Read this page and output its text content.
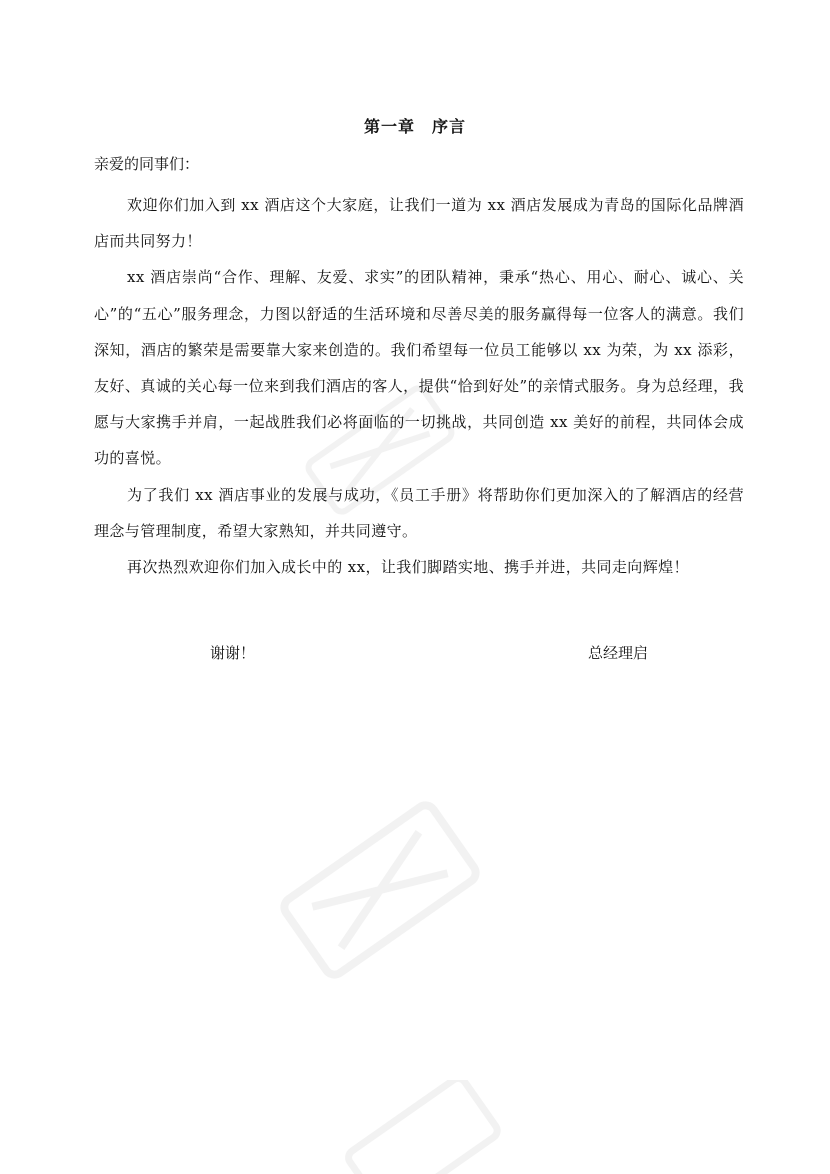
第一章　序言
亲爱的同事们：

欢迎你们加入到 xx 酒店这个大家庭，让我们一道为 xx 酒店发展成为青岛的国际化品牌酒店而共同努力！

xx 酒店崇尚“合作、理解、友爱、求实”的团队精神，秉承“热心、用心、耐心、诚心、关心”的“五心”服务理念，力图以舒适的生活环境和尽善尽美的服务赢得每一位客人的满意。我们深知，酒店的繁荣是需要靠大家来创造的。我们希望每一位员工能够以 xx 为荣，为 xx 添彩，友好、真诚的关心每一位来到我们酒店的客人，提供“恰到好处”的亲情式服务。身为总经理，我愿与大家携手并肩，一起战胜我们必将面临的一切挑战，共同创造 xx 美好的前程，共同体会成功的喜悦。

为了我们 xx 酒店事业的发展与成功，《员工手册》将帮助你们更加深入的了解酒店的经营理念与管理制度，希望大家熟知，并共同遵守。

再次热烈欢迎你们加入成长中的 xx，让我们脚踏实地、携手并进，共同走向辉煌！

谢谢！	总经理启
